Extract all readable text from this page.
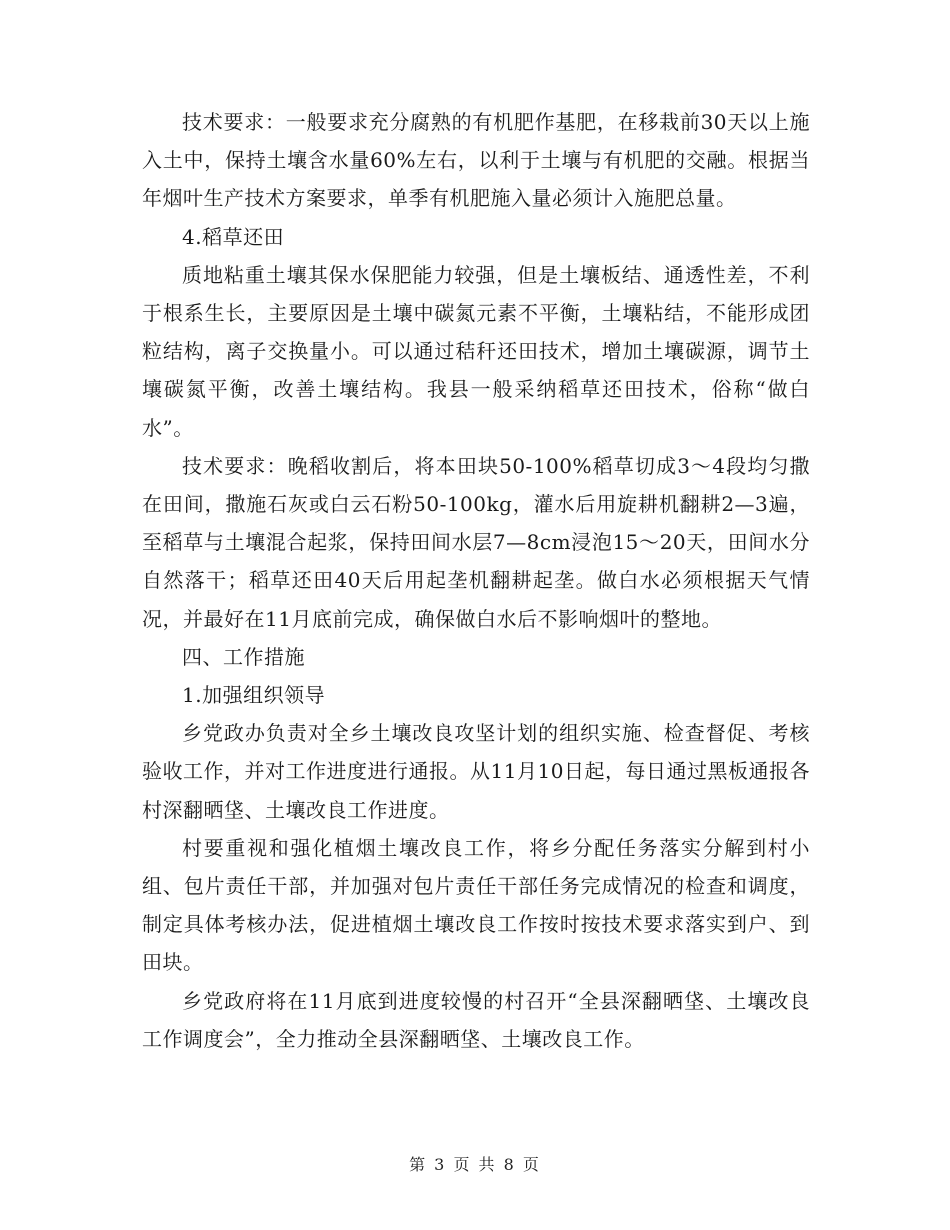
技术要求：一般要求充分腐熟的有机肥作基肥，在移栽前30天以上施入土中，保持土壤含水量60%左右，以利于土壤与有机肥的交融。根据当年烟叶生产技术方案要求，单季有机肥施入量必须计入施肥总量。

4.稻草还田

质地粘重土壤其保水保肥能力较强，但是土壤板结、通透性差，不利于根系生长，主要原因是土壤中碳氮元素不平衡，土壤粘结，不能形成团粒结构，离子交换量小。可以通过秸秆还田技术，增加土壤碳源，调节土壤碳氮平衡，改善土壤结构。我县一般采纳稻草还田技术，俗称“做白水”。

技术要求：晚稻收割后，将本田块50-100%稻草切成3～4段均匀撒在田间，撒施石灰或白云石粉50-100kg，灌水后用旋耕机翻耕2—3遍，至稻草与土壤混合起浆，保持田间水层7—8cm浸泡15～20天，田间水分自然落干；稻草还田40天后用起垄机翻耕起垄。做白水必须根据天气情况，并最好在11月底前完成，确保做白水后不影响烟叶的整地。

四、工作措施

1.加强组织领导

乡党政办负责对全乡土壤改良攻坚计划的组织实施、检查督促、考核验收工作，并对工作进度进行通报。从11月10日起，每日通过黑板通报各村深翻晒垡、土壤改良工作进度。

村要重视和强化植烟土壤改良工作，将乡分配任务落实分解到村小组、包片责任干部，并加强对包片责任干部任务完成情况的检查和调度，制定具体考核办法，促进植烟土壤改良工作按时按技术要求落实到户、到田块。

乡党政府将在11月底到进度较慢的村召开“全县深翻晒垡、土壤改良工作调度会”，全力推动全县深翻晒垡、土壤改良工作。

第 3 页 共 8 页
